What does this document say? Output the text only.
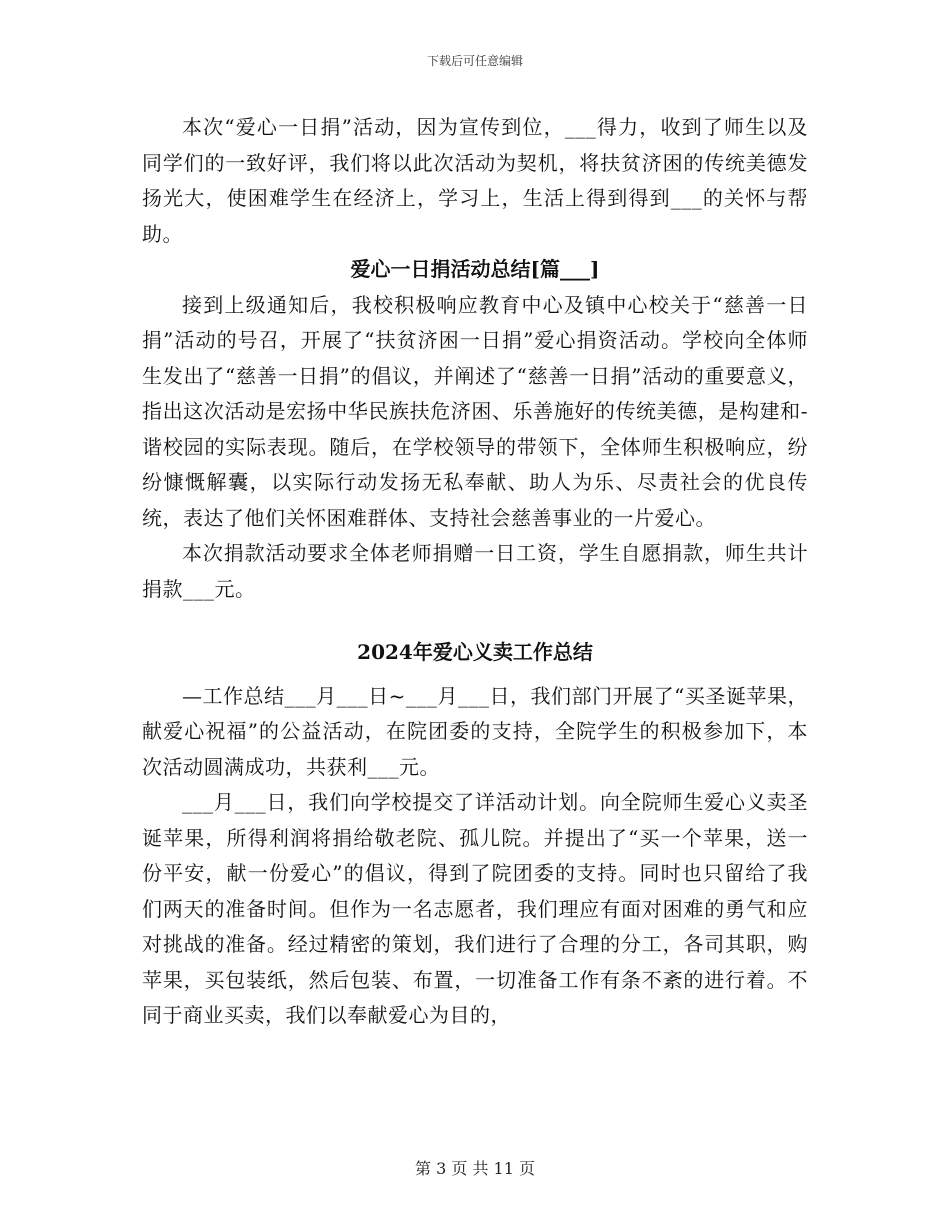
下载后可任意编辑

本次“爱心一日捐”活动，因为宣传到位，___得力，收到了师生以及同学们的一致好评，我们将以此次活动为契机，将扶贫济困的传统美德发扬光大，使困难学生在经济上，学习上，生活上得到得到___的关怀与帮助。

爱心一日捐活动总结[篇___]

接到上级通知后，我校积极响应教育中心及镇中心校关于“慈善一日捐”活动的号召，开展了“扶贫济困一日捐”爱心捐资活动。学校向全体师生发出了“慈善一日捐”的倡议，并阐述了“慈善一日捐”活动的重要意义，指出这次活动是宏扬中华民族扶危济困、乐善施好的传统美德，是构建和-谐校园的实际表现。随后，在学校领导的带领下，全体师生积极响应，纷纷慷慨解囊，以实际行动发扬无私奉献、助人为乐、尽责社会的优良传统，表达了他们关怀困难群体、支持社会慈善事业的一片爱心。

本次捐款活动要求全体老师捐赠一日工资，学生自愿捐款，师生共计捐款___元。

2024年爱心义卖工作总结

—工作总结___月___日~___月___日，我们部门开展了“买圣诞苹果，献爱心祝福”的公益活动，在院团委的支持，全院学生的积极参加下，本次活动圆满成功，共获利___元。

___月___日，我们向学校提交了详活动计划。向全院师生爱心义卖圣诞苹果，所得利润将捐给敬老院、孤儿院。并提出了“买一个苹果，送一份平安，献一份爱心”的倡议，得到了院团委的支持。同时也只留给了我们两天的准备时间。但作为一名志愿者，我们理应有面对困难的勇气和应对挑战的准备。经过精密的策划，我们进行了合理的分工，各司其职，购苹果，买包装纸，然后包装、布置，一切准备工作有条不紊的进行着。不同于商业买卖，我们以奉献爱心为目的，

第 3 页 共 11 页
